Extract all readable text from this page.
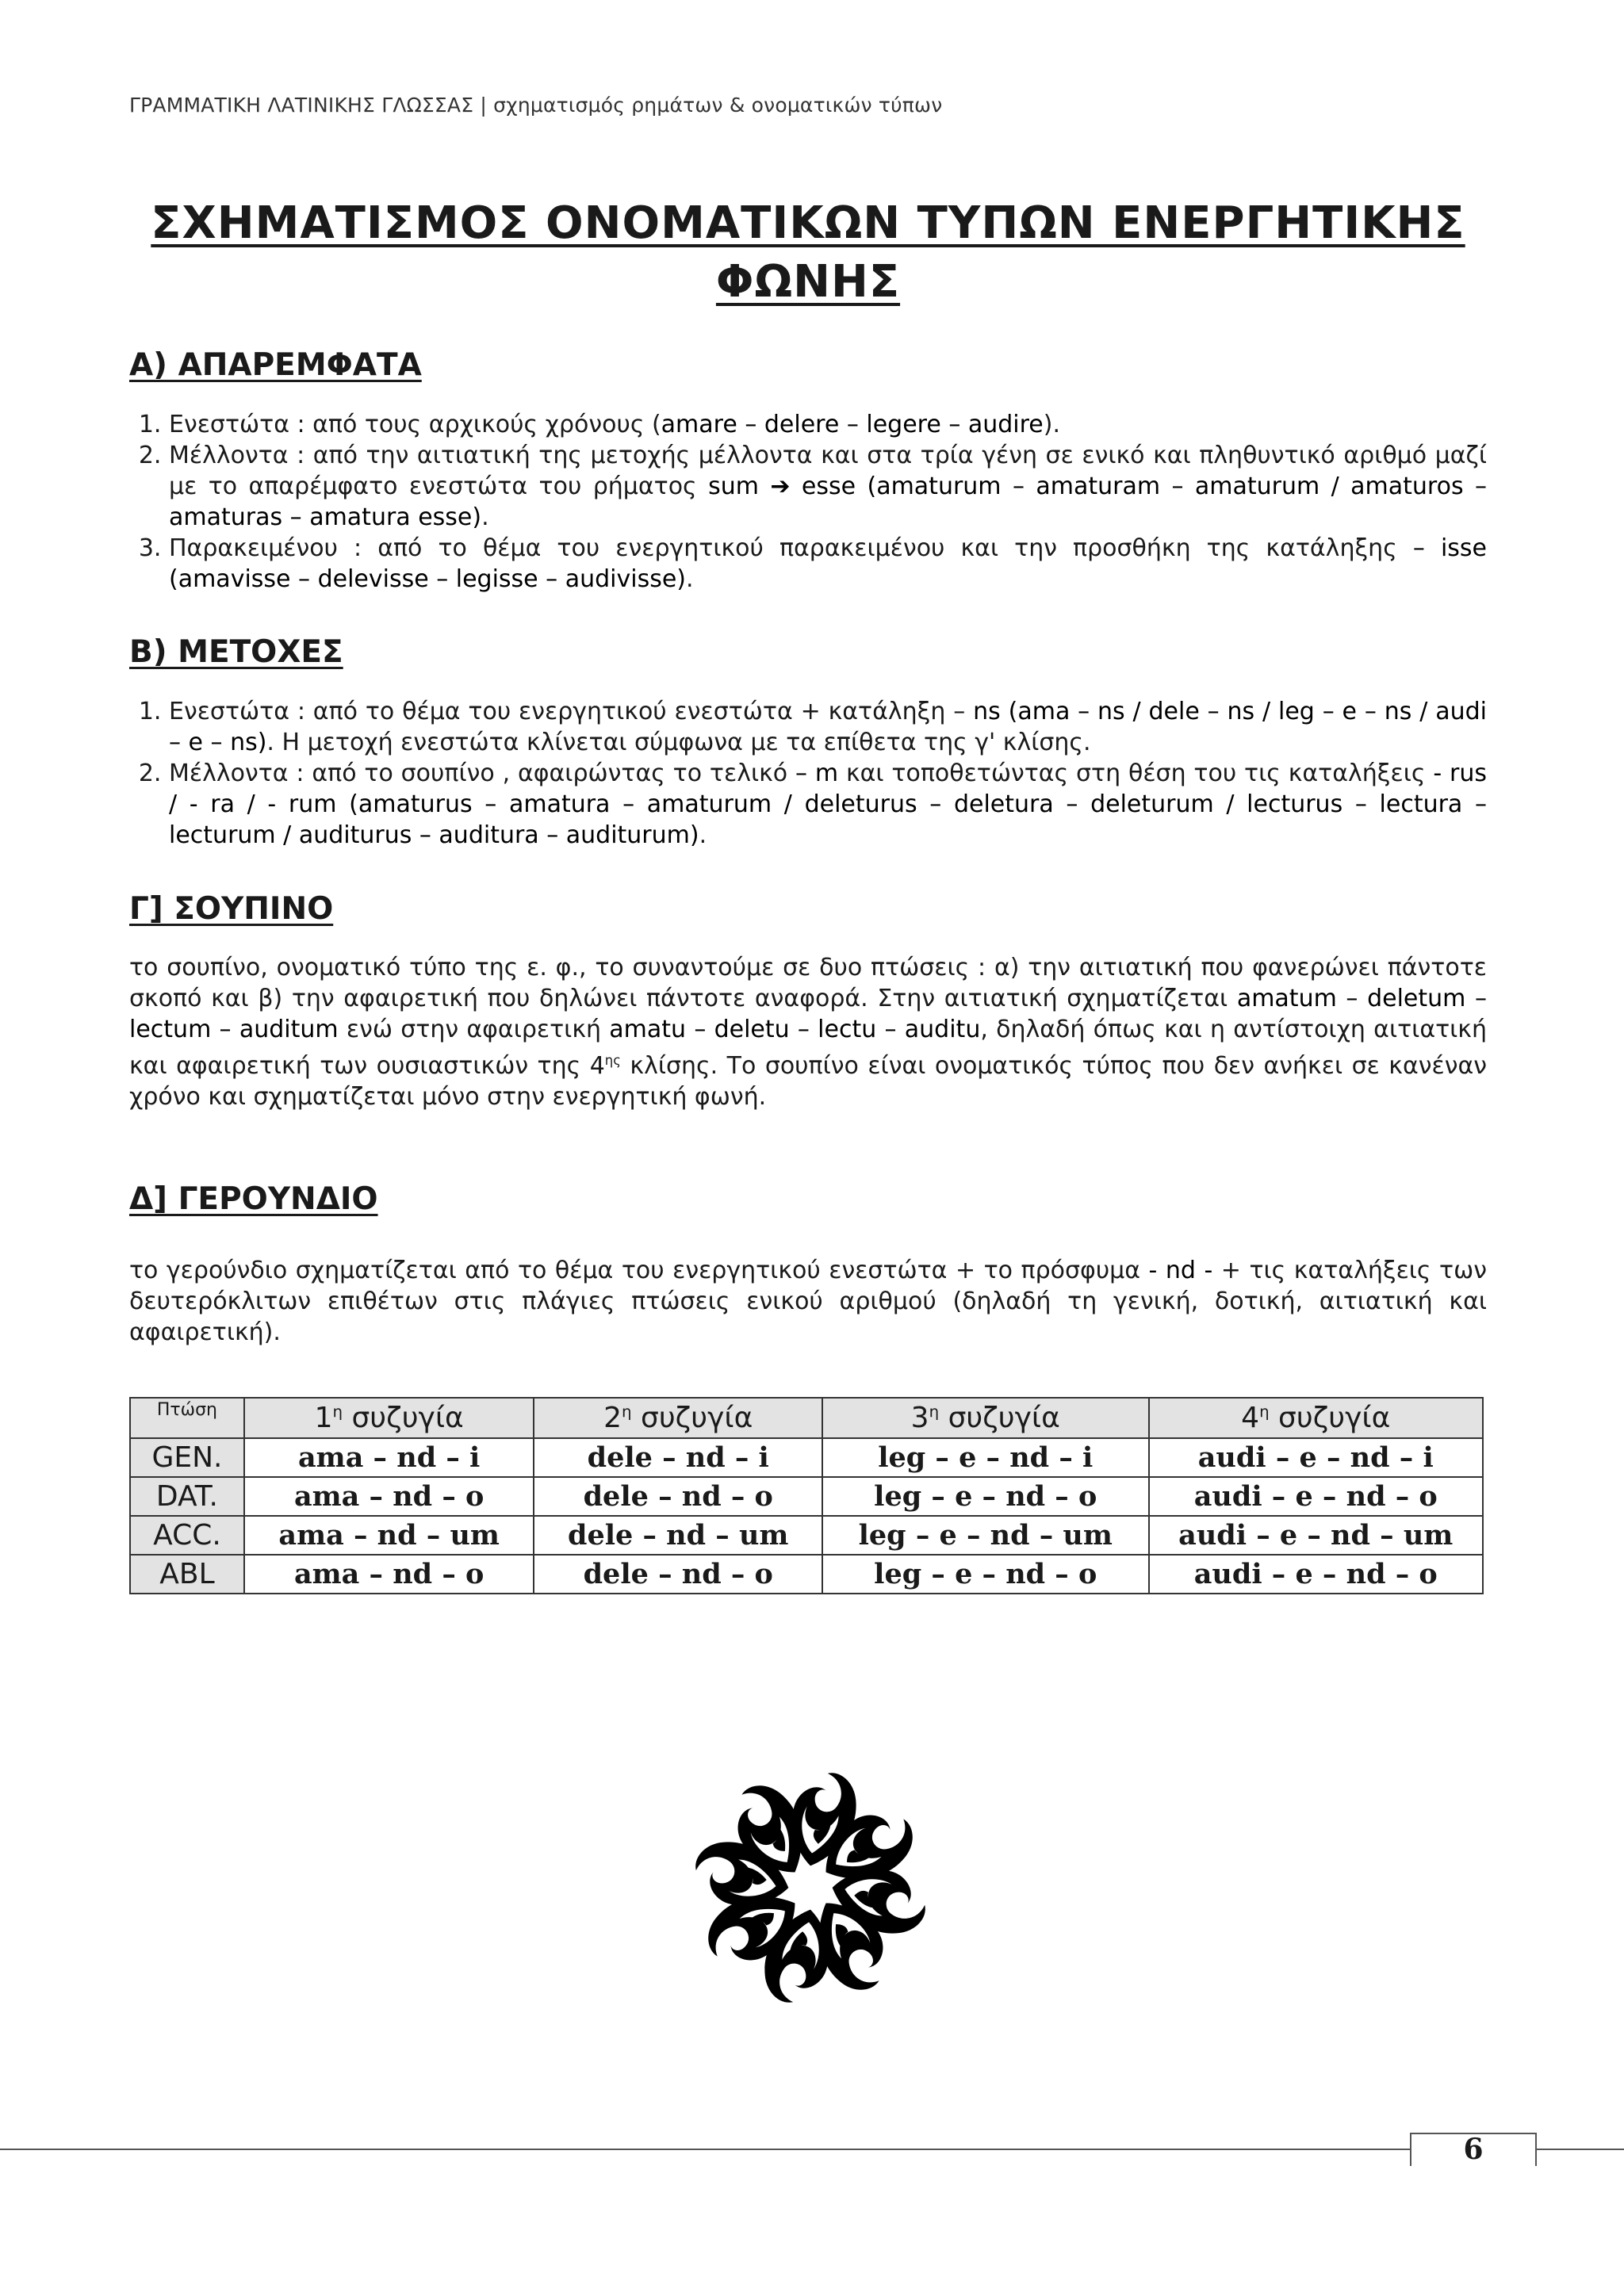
ΓΡΑΜΜΑΤΙΚΗ ΛΑΤΙΝΙΚΗΣ ΓΛΩΣΣΑΣ | σχηματισμός ρημάτων & ονοματικών τύπων
ΣΧΗΜΑΤΙΣΜΟΣ ΟΝΟΜΑΤΙΚΩΝ ΤΥΠΩΝ ΕΝΕΡΓΗΤΙΚΗΣ
ΦΩΝΗΣ
Α) ΑΠΑΡΕΜΦΑΤΑ
1. Ενεστώτα : από τους αρχικούς χρόνους (amare – delere – legere – audire).
2. Μέλλοντα : από την αιτιατική της μετοχής μέλλοντα και στα τρία γένη σε ενικό και πληθυντικό αριθμό μαζί με το απαρέμφατο ενεστώτα του ρήματος sum ➔ esse (amaturum – amaturam – amaturum / amaturos – amaturas – amatura esse).
3. Παρακειμένου : από το θέμα του ενεργητικού παρακειμένου και την προσθήκη της κατάληξης – isse (amavisse – delevisse – legisse – audivisse).
Β) ΜΕΤΟΧΕΣ
1. Ενεστώτα : από το θέμα του ενεργητικού ενεστώτα + κατάληξη – ns (ama – ns / dele – ns / leg – e – ns / audi – e – ns). Η μετοχή ενεστώτα κλίνεται σύμφωνα με τα επίθετα της γ' κλίσης.
2. Μέλλοντα : από το σουπίνο , αφαιρώντας το τελικό – m και τοποθετώντας στη θέση του τις καταλήξεις - rus / - ra / - rum (amaturus – amatura – amaturum / deleturus – deletura – deleturum / lecturus – lectura – lecturum / auditurus – auditura – auditurum).
Γ] ΣΟΥΠΙΝΟ

το σουπίνο, ονοματικό τύπο της ε. φ., το συναντούμε σε δυο πτώσεις : α) την αιτιατική που φανερώνει πάντοτε σκοπό και β) την αφαιρετική που δηλώνει πάντοτε αναφορά. Στην αιτιατική σχηματίζεται amatum – deletum – lectum – auditum ενώ στην αφαιρετική amatu – deletu – lectu – auditu, δηλαδή όπως και η αντίστοιχη αιτιατική και αφαιρετική των ουσιαστικών της $4^{\eta\varsigma}$ κλίσης. Το σουπίνο είναι ονοματικός τύπος που δεν ανήκει σε κανέναν χρόνο και σχηματίζεται μόνο στην ενεργητική φωνή.

Δ] ΓΕΡΟΥΝΔΙΟ

το γερούνδιο σχηματίζεται από το θέμα του ενεργητικού ενεστώτα + το πρόσφυμα - nd - + τις καταλήξεις των δευτερόκλιτων επιθέτων στις πλάγιες πτώσεις ενικού αριθμού (δηλαδή τη γενική, δοτική, αιτιατική και αφαιρετική).

Πτώση	$1^\eta$ συζυγία	$2^\eta$ συζυγία	$3^\eta$ συζυγία	$4^\eta$ συζυγία
GEN.	ama – nd – i	dele – nd – i	leg – e – nd – i	audi – e – nd – i
DAT.	ama – nd – o	dele – nd – o	leg – e – nd – o	audi – e – nd – o
ACC.	ama – nd – um	dele – nd – um	leg – e – nd – um	audi – e – nd – um
ABL	ama – nd – o	dele – nd – o	leg – e – nd – o	audi – e – nd – o
6
